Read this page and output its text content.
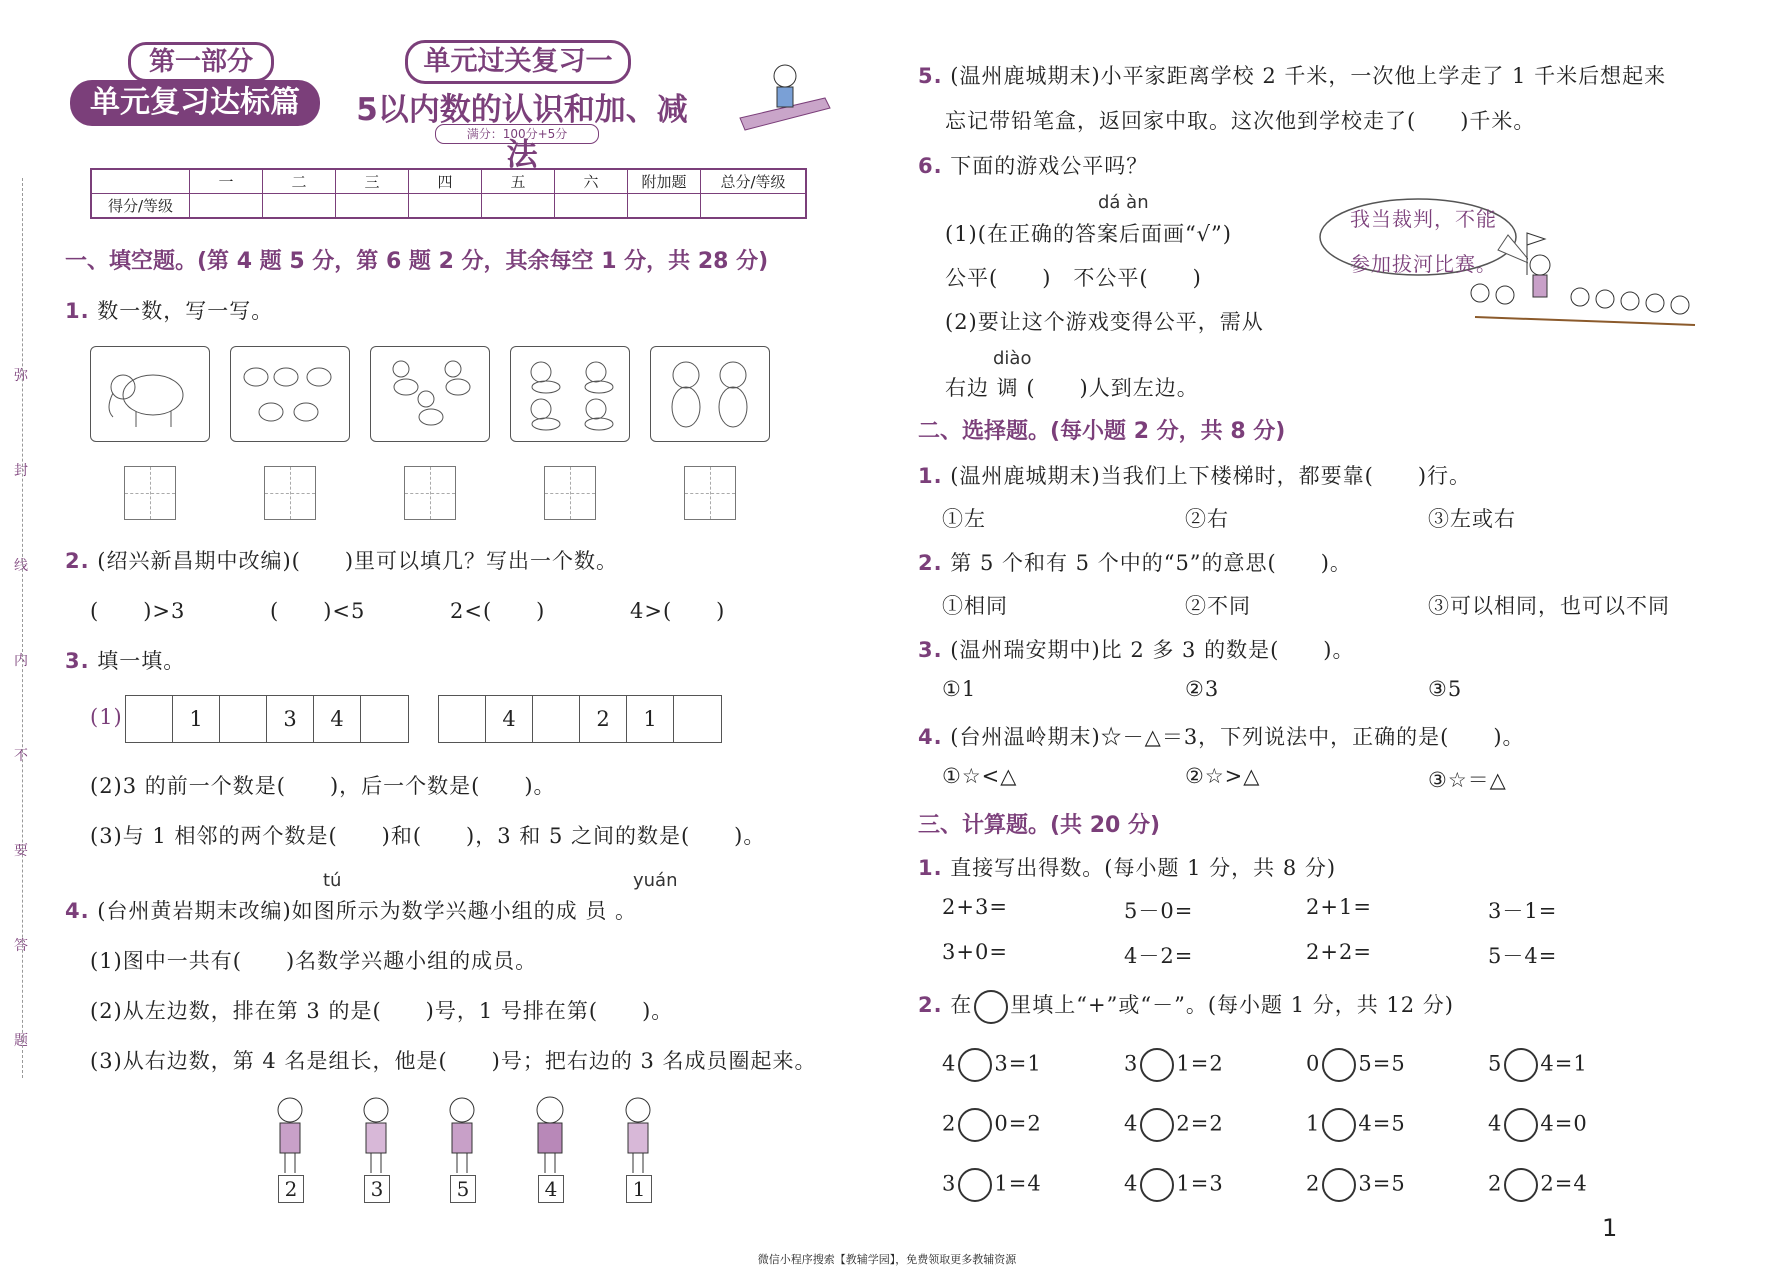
第一部分
单元复习达标篇
单元过关复习一
5以内数的认识和加、减法
满分：100分+5分
	一	二	三	四	五	六	附加题	总分/等级
得分/等级								
弥
封
线
内
不
要
答
题
一、填空题。(第 4 题 5 分，第 6 题 2 分，其余每空 1 分，共 28 分)
1. 数一数，写一写。
2. (绍兴新昌期中改编)(　　)里可以填几？写出一个数。
(　　)>3	(　　)<5	2<(　　)	4>(　　)
3. 填一填。
(1)	1	3	4	4	2	1
(2)3 的前一个数是(　　)，后一个数是(　　)。
(3)与 1 相邻的两个数是(　　)和(　　)，3 和 5 之间的数是(　　)。
tú	yuán
4. (台州黄岩期末改编)如图所示为数学兴趣小组的成 员 。
(1)图中一共有(　　)名数学兴趣小组的成员。
(2)从左边数，排在第 3 的是(　　)号，1 号排在第(　　)。
(3)从右边数，第 4 名是组长，他是(　　)号；把右边的 3 名成员圈起来。
2	3	5	4	1
5. (温州鹿城期末)小平家距离学校 2 千米，一次他上学走了 1 千米后想起来
忘记带铅笔盒，返回家中取。这次他到学校走了(　　)千米。
6. 下面的游戏公平吗？
dá àn
(1)(在正确的答案后面画“√”)
公平(　　)　不公平(　　)
(2)要让这个游戏变得公平，需从
diào
右边 调 (　　)人到左边。
我当裁判，不能
参加拔河比赛。
二、选择题。(每小题 2 分，共 8 分)
1. (温州鹿城期末)当我们上下楼梯时，都要靠(　　)行。
①左	②右	③左或右
2. 第 5 个和有 5 个中的“5”的意思(　　)。
①相同	②不同	③可以相同，也可以不同
3. (温州瑞安期中)比 2 多 3 的数是(　　)。
①1	②3	③5
4. (台州温岭期末)☆－△＝3，下列说法中，正确的是(　　)。
①☆<△	②☆>△	③☆＝△
三、计算题。(共 20 分)
1. 直接写出得数。(每小题 1 分，共 8 分)
2+3=	5－0=	2+1=	3－1=
3+0=	4－2=	2+2=	5－4=
2. 在 里填上“+”或“－”。(每小题 1 分，共 12 分)
4 3=1	3 1=2	0 5=5	5 4=1
2 0=2	4 2=2	1 4=5	4 4=0
3 1=4	4 1=3	2 3=5	2 2=4
1
微信小程序搜索【教辅学园】，免费领取更多教辅资源
